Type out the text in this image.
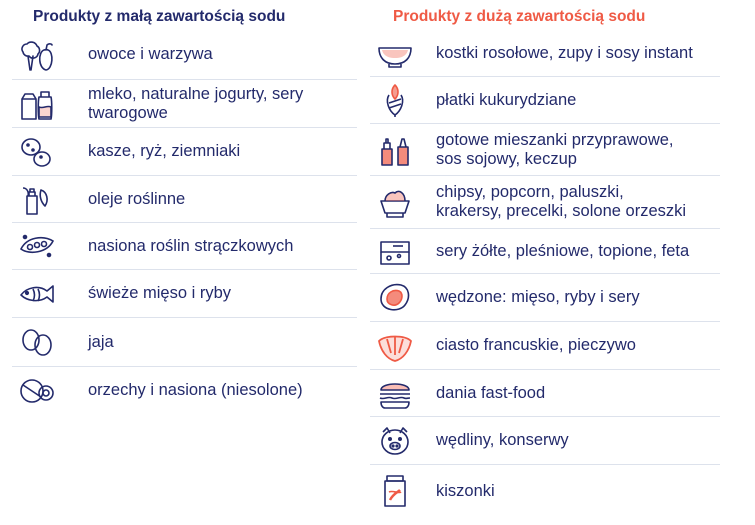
Produkty z małą zawartością sodu
owoce i warzywa
mleko, naturalne jogurty, sery twarogowe
kasze, ryż, ziemniaki
oleje roślinne
nasiona roślin strączkowych
świeże mięso i ryby
jaja
orzechy i nasiona (niesolone)
Produkty z dużą zawartością sodu
kostki rosołowe, zupy i sosy instant
płatki kukurydziane
gotowe mieszanki przyprawowe,
sos sojowy, keczup
chipsy, popcorn, paluszki,
krakersy, precelki, solone orzeszki
sery żółte, pleśniowe, topione, feta
wędzone: mięso, ryby i sery
ciasto francuskie, pieczywo
dania fast-food
wędliny, konserwy
kiszonki
